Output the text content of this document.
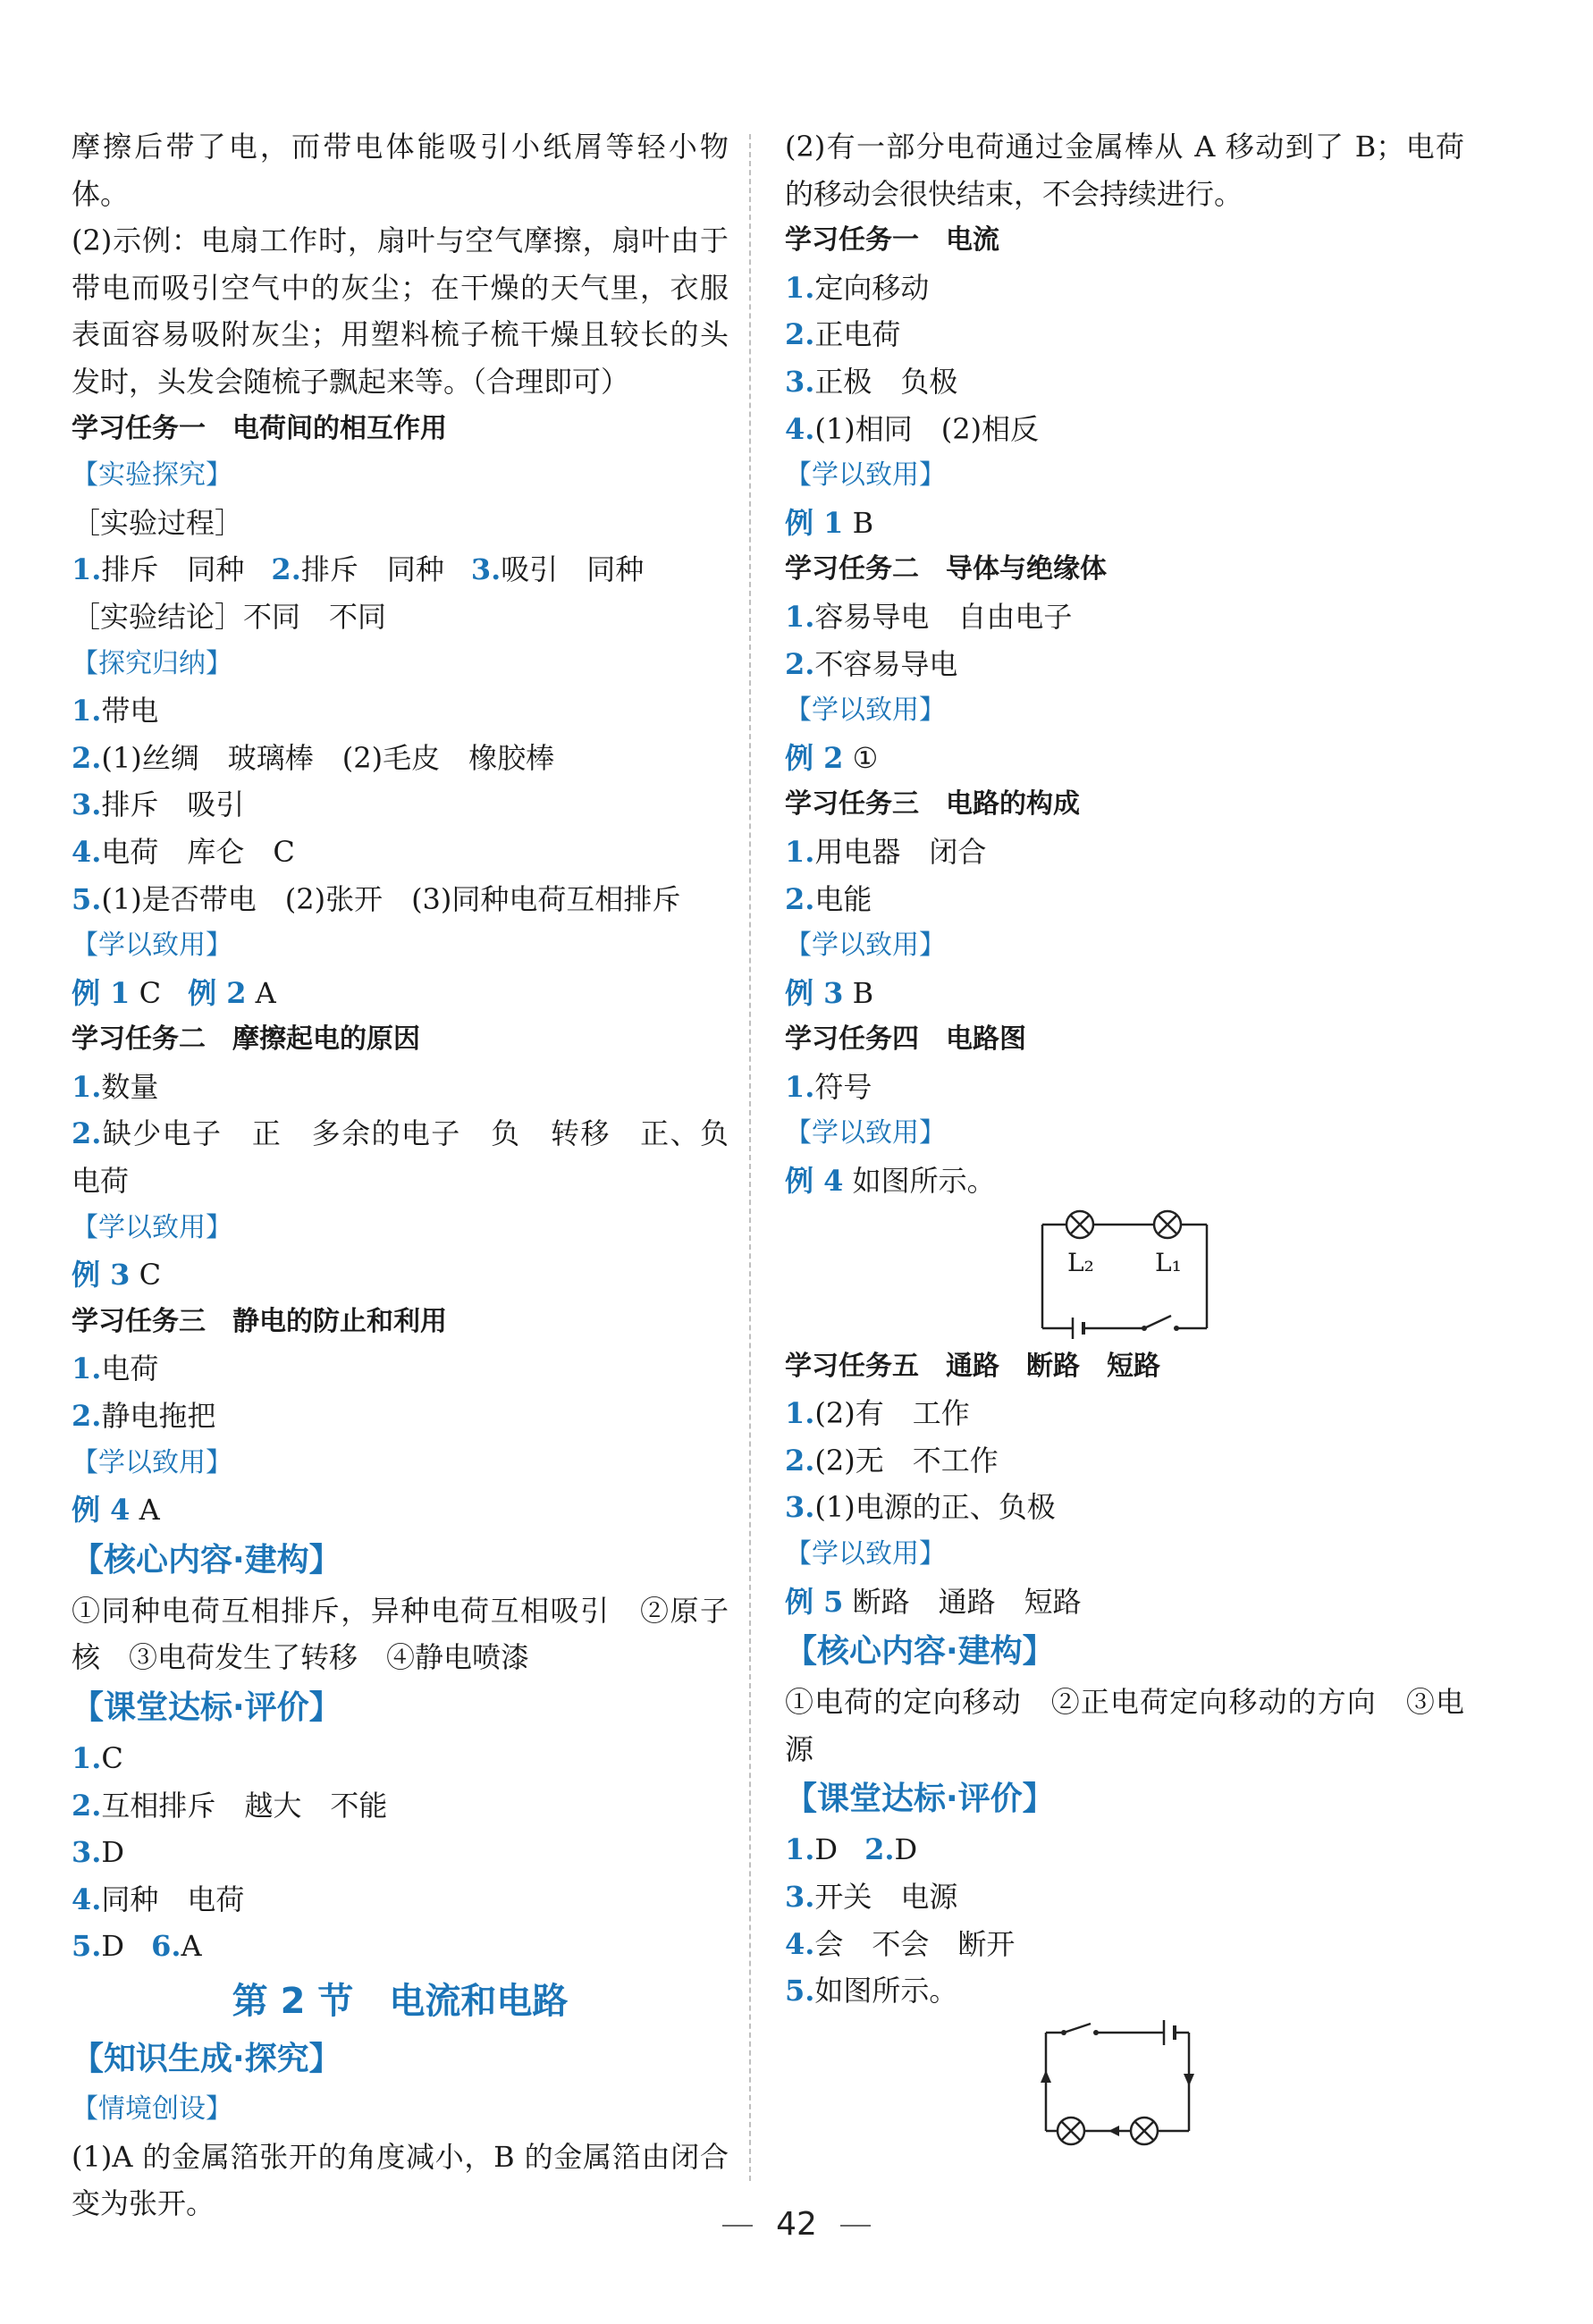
摩擦后带了电，而带电体能吸引小纸屑等轻小物体。
(2)示例：电扇工作时，扇叶与空气摩擦，扇叶由于带电而吸引空气中的灰尘；在干燥的天气里，衣服表面容易吸附灰尘；用塑料梳子梳干燥且较长的头发时，头发会随梳子飘起来等。（合理即可）
学习任务一　电荷间的相互作用
【实验探究】
［实验过程］
1.排斥　同种 2.排斥　同种 3.吸引　同种
［实验结论］不同　不同
【探究归纳】
1.带电
2.(1)丝绸　玻璃棒　(2)毛皮　橡胶棒
3.排斥　吸引
4.电荷　库仑　C
5.(1)是否带电　(2)张开　(3)同种电荷互相排斥
【学以致用】
例 1 C 例 2 A
学习任务二　摩擦起电的原因
1.数量
2.缺少电子　正　多余的电子　负　转移　正、负电荷
【学以致用】
例 3 C
学习任务三　静电的防止和利用
1.电荷
2.静电拖把
【学以致用】
例 4 A
【核心内容·建构】
①同种电荷互相排斥，异种电荷互相吸引　②原子核　③电荷发生了转移　④静电喷漆
【课堂达标·评价】
1.C
2.互相排斥　越大　不能
3.D
4.同种　电荷
5.D 6.A
第 2 节　电流和电路
【知识生成·探究】
【情境创设】
(1)A 的金属箔张开的角度减小，B 的金属箔由闭合变为张开。
(2)有一部分电荷通过金属棒从 A 移动到了 B；电荷的移动会很快结束，不会持续进行。
学习任务一　电流
1.定向移动
2.正电荷
3.正极　负极
4.(1)相同　(2)相反
【学以致用】
例 1 B
学习任务二　导体与绝缘体
1.容易导电　自由电子
2.不容易导电
【学以致用】
例 2 ①
学习任务三　电路的构成
1.用电器　闭合
2.电能
【学以致用】
例 3 B
学习任务四　电路图
1.符号
【学以致用】
例 4 如图所示。
L₂ L₁
学习任务五　通路　断路　短路
1.(2)有　工作
2.(2)无　不工作
3.(1)电源的正、负极
【学以致用】
例 5 断路　通路　短路
【核心内容·建构】
①电荷的定向移动　②正电荷定向移动的方向　③电源
【课堂达标·评价】
1.D 2.D
3.开关　电源
4.会　不会　断开
5.如图所示。
42
